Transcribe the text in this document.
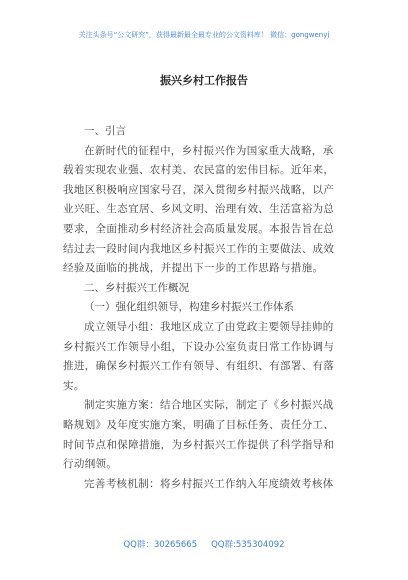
关注头条号“公文研究”，获得最新最全最专业的公文资料库！ 微信：gongwenyj
振兴乡村工作报告
一、引言
在新时代的征程中，乡村振兴作为国家重大战略，承
载着实现农业强、农村美、农民富的宏伟目标。近年来，
我地区积极响应国家号召，深入贯彻乡村振兴战略，以产
业兴旺、生态宜居、乡风文明、治理有效、生活富裕为总
要求，全面推动乡村经济社会高质量发展。本报告旨在总
结过去一段时间内我地区乡村振兴工作的主要做法、成效
经验及面临的挑战，并提出下一步的工作思路与措施。
二、乡村振兴工作概况
（一）强化组织领导，构建乡村振兴工作体系
成立领导小组：我地区成立了由党政主要领导挂帅的
乡村振兴工作领导小组，下设办公室负责日常工作协调与
推进，确保乡村振兴工作有领导、有组织、有部署、有落
实。
制定实施方案：结合地区实际，制定了《乡村振兴战
略规划》及年度实施方案，明确了目标任务、责任分工、
时间节点和保障措施，为乡村振兴工作提供了科学指导和
行动纲领。
完善考核机制：将乡村振兴工作纳入年度绩效考核体
QQ群：30265665 QQ群:535304092
